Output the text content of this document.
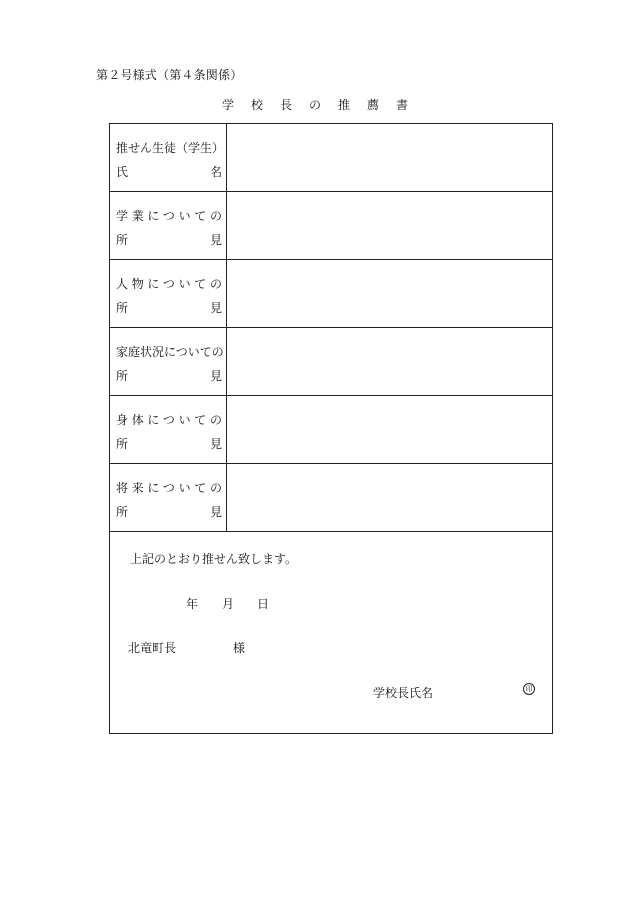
第２号様式（第４条関係）
学校長の推薦書
推せん生徒（学生）
氏名
学業についての
所見
人物についての
所見
家庭状況についての
所見
身体についての
所見
将来についての
所見
上記のとおり推せん致します。
年 月 日
北竜町長	様
学校長氏名	印
